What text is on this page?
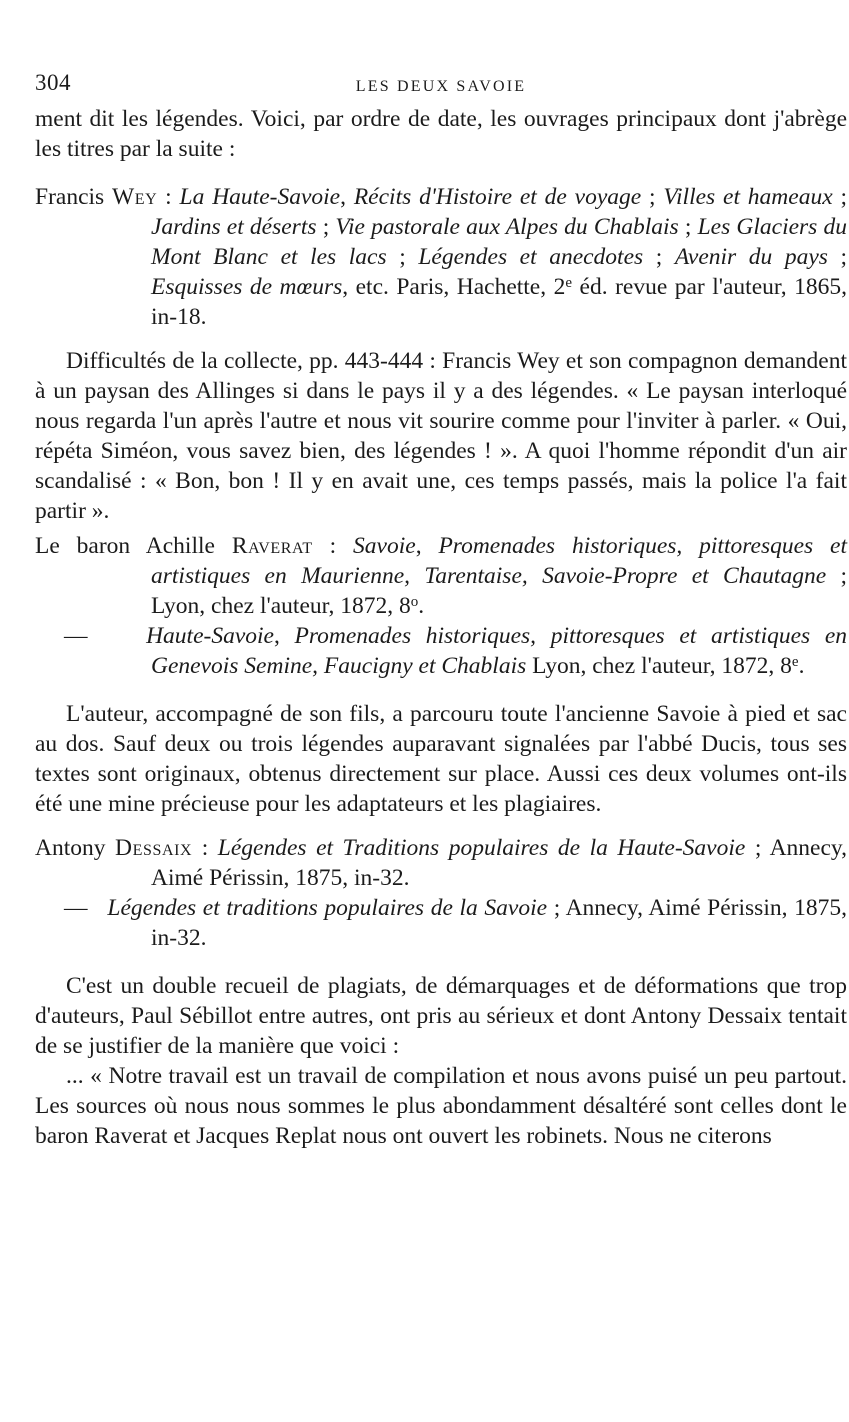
304	LES DEUX SAVOIE

ment dit les légendes. Voici, par ordre de date, les ouvrages principaux dont j'abrège les titres par la suite :

Francis Wey : La Haute-Savoie, Récits d'Histoire et de voyage ; Villes et hameaux ; Jardins et déserts ; Vie pastorale aux Alpes du Chablais ; Les Glaciers du Mont Blanc et les lacs ; Légendes et anecdotes ; Avenir du pays ; Esquisses de mœurs, etc. Paris, Hachette, 2e éd. revue par l'auteur, 1865, in-18.

Difficultés de la collecte, pp. 443-444 : Francis Wey et son compagnon demandent à un paysan des Allinges si dans le pays il y a des légendes. « Le paysan interloqué nous regarda l'un après l'autre et nous vit sourire comme pour l'inviter à parler. « Oui, répéta Siméon, vous savez bien, des légendes ! ». A quoi l'homme répondit d'un air scandalisé : « Bon, bon ! Il y en avait une, ces temps passés, mais la police l'a fait partir ».

Le baron Achille Raverat : Savoie, Promenades historiques, pittoresques et artistiques en Maurienne, Tarentaise, Savoie-Propre et Chautagne ; Lyon, chez l'auteur, 1872, 8$^o$.

— Haute-Savoie, Promenades historiques, pittoresques et artistiques en Genevois Semine, Faucigny et Chablais Lyon, chez l'auteur, 1872, 8e.

L'auteur, accompagné de son fils, a parcouru toute l'ancienne Savoie à pied et sac au dos. Sauf deux ou trois légendes auparavant signalées par l'abbé Ducis, tous ses textes sont originaux, obtenus directement sur place. Aussi ces deux volumes ont-ils été une mine précieuse pour les adaptateurs et les plagiaires.

Antony Dessaix : Légendes et Traditions populaires de la Haute-Savoie ; Annecy, Aimé Périssin, 1875, in-32.

— Légendes et traditions populaires de la Savoie ; Annecy, Aimé Périssin, 1875, in-32.

C'est un double recueil de plagiats, de démarquages et de déformations que trop d'auteurs, Paul Sébillot entre autres, ont pris au sérieux et dont Antony Dessaix tentait de se justifier de la manière que voici :

... « Notre travail est un travail de compilation et nous avons puisé un peu partout. Les sources où nous nous sommes le plus abondamment désaltéré sont celles dont le baron Raverat et Jacques Replat nous ont ouvert les robinets. Nous ne citerons
